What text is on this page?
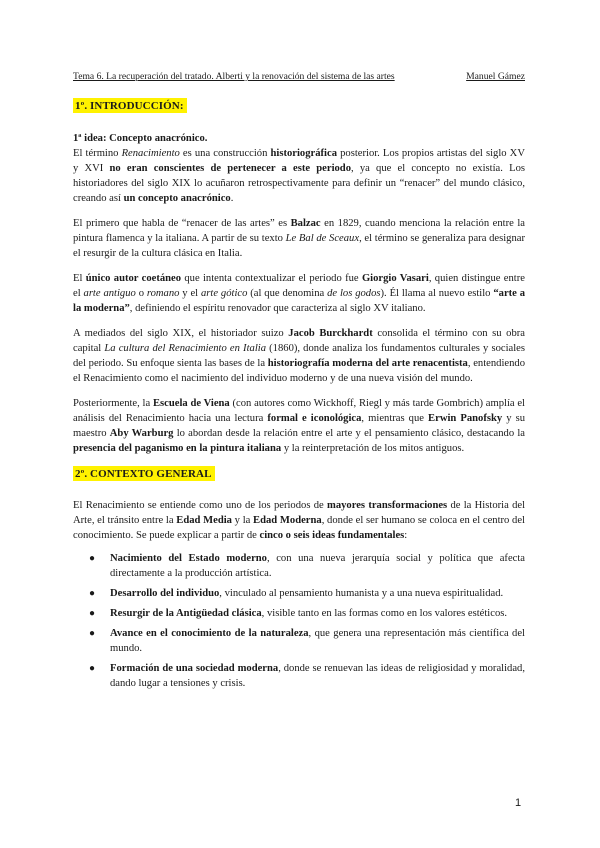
Tema 6. La recuperación del tratado. Alberti y la renovación del sistema de las artes	Manuel Gámez
1º. INTRODUCCIÓN:

1ª idea: Concepto anacrónico.
El término Renacimiento es una construcción historiográfica posterior. Los propios artistas del siglo XV y XVI no eran conscientes de pertenecer a este periodo, ya que el concepto no existía. Los historiadores del siglo XIX lo acuñaron retrospectivamente para definir un “renacer” del mundo clásico, creando así un concepto anacrónico.

El primero que habla de “renacer de las artes” es Balzac en 1829, cuando menciona la relación entre la pintura flamenca y la italiana. A partir de su texto Le Bal de Sceaux, el término se generaliza para designar el resurgir de la cultura clásica en Italia.

El único autor coetáneo que intenta contextualizar el periodo fue Giorgio Vasari, quien distingue entre el arte antiguo o romano y el arte gótico (al que denomina de los godos). Él llama al nuevo estilo “arte a la moderna”, definiendo el espíritu renovador que caracteriza al siglo XV italiano.

A mediados del siglo XIX, el historiador suizo Jacob Burckhardt consolida el término con su obra capital La cultura del Renacimiento en Italia (1860), donde analiza los fundamentos culturales y sociales del periodo. Su enfoque sienta las bases de la historiografía moderna del arte renacentista, entendiendo el Renacimiento como el nacimiento del individuo moderno y de una nueva visión del mundo.

Posteriormente, la Escuela de Viena (con autores como Wickhoff, Riegl y más tarde Gombrich) amplía el análisis del Renacimiento hacia una lectura formal e iconológica, mientras que Erwin Panofsky y su maestro Aby Warburg lo abordan desde la relación entre el arte y el pensamiento clásico, destacando la presencia del paganismo en la pintura italiana y la reinterpretación de los mitos antiguos.

2º. CONTEXTO GENERAL

El Renacimiento se entiende como uno de los periodos de mayores transformaciones de la Historia del Arte, el tránsito entre la Edad Media y la Edad Moderna, donde el ser humano se coloca en el centro del conocimiento. Se puede explicar a partir de cinco o seis ideas fundamentales:

● Nacimiento del Estado moderno, con una nueva jerarquía social y política que afecta directamente a la producción artística.
● Desarrollo del individuo, vinculado al pensamiento humanista y a una nueva espiritualidad.
● Resurgir de la Antigüedad clásica, visible tanto en las formas como en los valores estéticos.
● Avance en el conocimiento de la naturaleza, que genera una representación más científica del mundo.
● Formación de una sociedad moderna, donde se renuevan las ideas de religiosidad y moralidad, dando lugar a tensiones y crisis.
1
